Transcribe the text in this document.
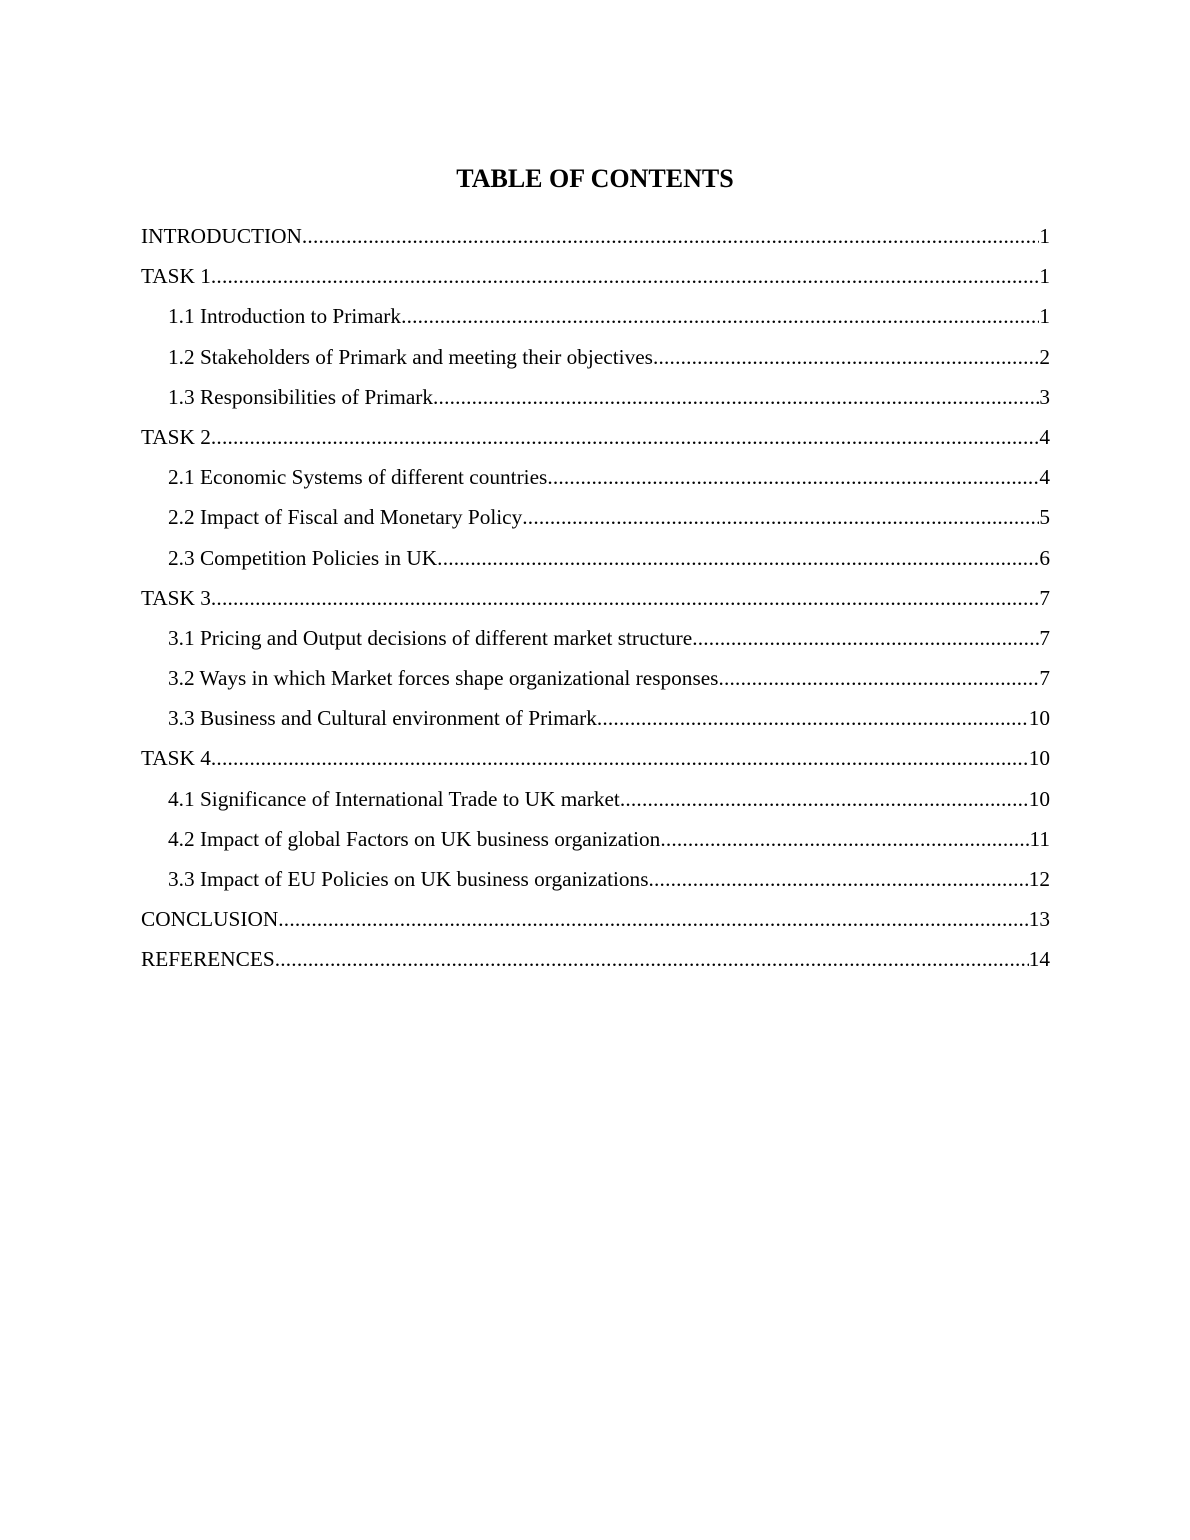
TABLE OF CONTENTS
INTRODUCTION .....	1
TASK 1 .....	1
1.1 Introduction to Primark .....	1
1.2 Stakeholders of Primark and meeting their objectives .....	2
1.3 Responsibilities of Primark .....	3
TASK 2 .....	4
2.1 Economic Systems of different countries .....	4
2.2 Impact of Fiscal and Monetary Policy .....	5
2.3 Competition Policies in UK .....	6
TASK 3 .....	7
3.1 Pricing and Output decisions of different market structure .....	7
3.2 Ways in which Market forces shape organizational responses .....	7
3.3 Business and Cultural environment of Primark .....	10
TASK 4 .....	10
4.1 Significance of International Trade to UK market .....	10
4.2 Impact of global Factors on UK business organization .....	11
3.3 Impact of EU Policies on UK business organizations .....	12
CONCLUSION .....	13
REFERENCES .....	14
